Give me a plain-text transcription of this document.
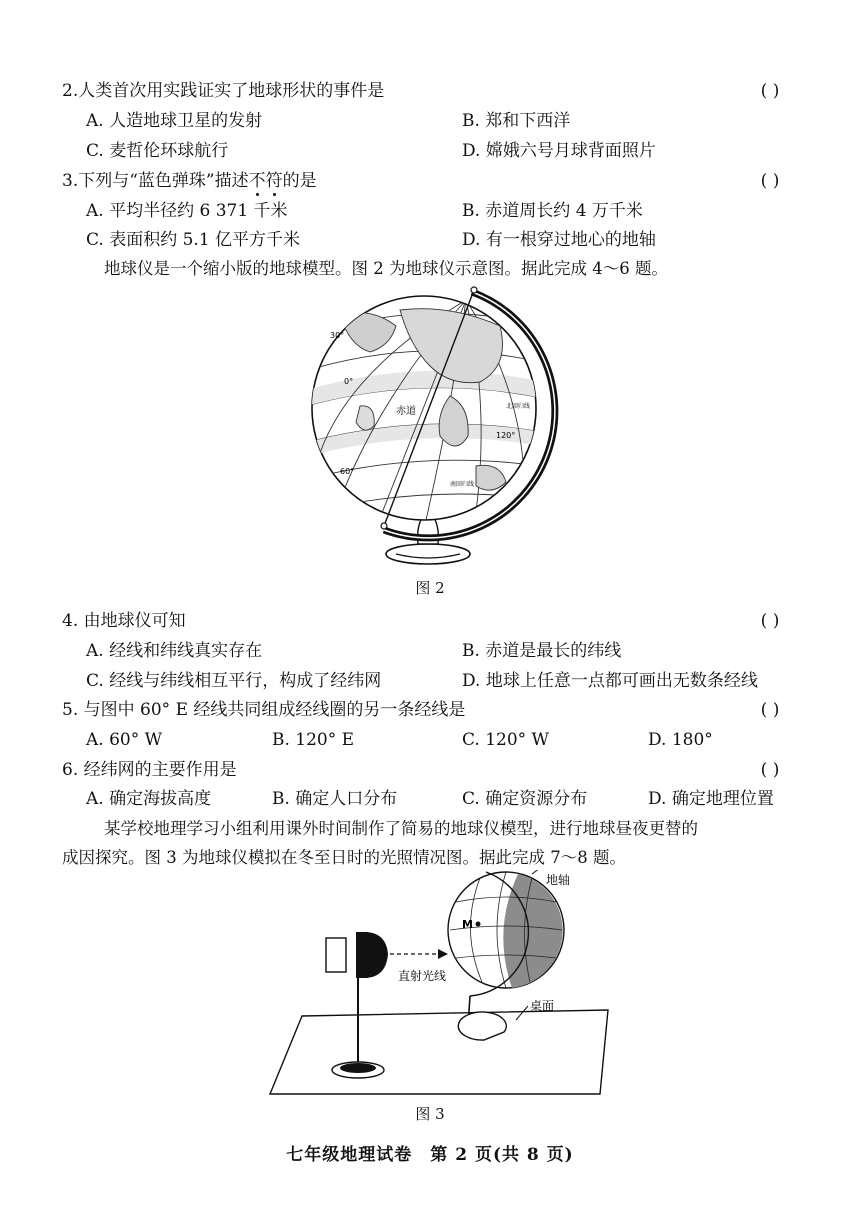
2.人类首次用实践证实了地球形状的事件是	( )
A. 人造地球卫星的发射	B. 郑和下西洋
C. 麦哲伦环球航行	D. 嫦娥六号月球背面照片
3.下列与“蓝色弹珠”描述不符的是	( )
A. 平均半径约 6 371 千米	B. 赤道周长约 4 万千米
C. 表面积约 5.1 亿平方千米	D. 有一根穿过地心的地轴
地球仪是一个缩小版的地球模型。图 2 为地球仪示意图。据此完成 4～6 题。
30°
0°
赤道	北回归线
120°
60°
南回归线
图 2
4. 由地球仪可知	( )
A. 经线和纬线真实存在	B. 赤道是最长的纬线
C. 经线与纬线相互平行，构成了经纬网	D. 地球上任意一点都可画出无数条经线
5. 与图中 60° E 经线共同组成经线圈的另一条经线是	( )
A. 60° W	B. 120° E	C. 120° W	D. 180°
6. 经纬网的主要作用是	( )
A. 确定海拔高度	B. 确定人口分布	C. 确定资源分布	D. 确定地理位置
某学校地理学习小组利用课外时间制作了简易的地球仪模型，进行地球昼夜更替的
成因探究。图 3 为地球仪模拟在冬至日时的光照情况图。据此完成 7～8 题。
直射光线
M
地轴
桌面
图 3
七年级地理试卷　第 2 页(共 8 页)
